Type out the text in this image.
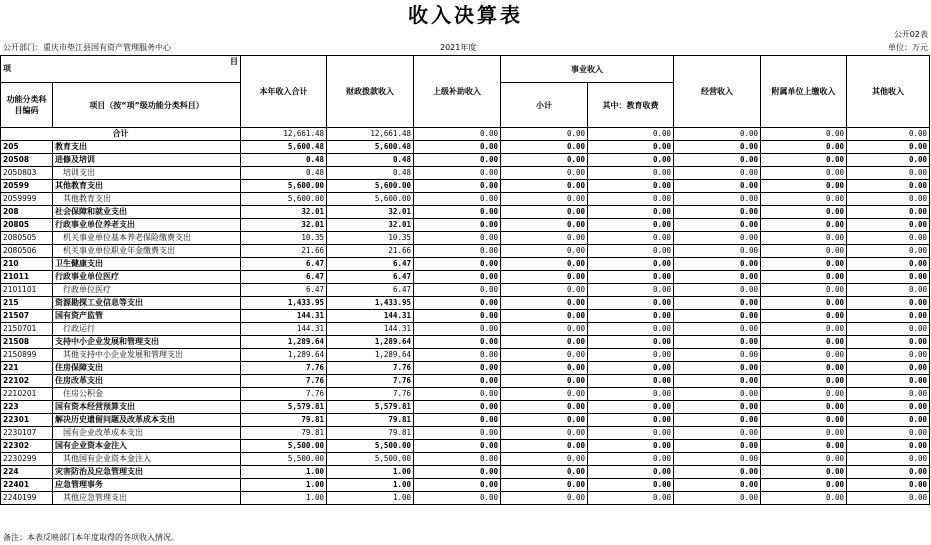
收入决算表
公开02表
公开部门：重庆市垫江县国有资产管理服务中心	2021年度	单位：万元
项
目		本年收入合计	财政拨款收入	上级补助收入	事业收入		经营收入	附属单位上缴收入	其他收入
功能分类科目编码	项目（按“项”级功能分类科目）								
					小计	其中：教育收费			
合计		12,661.48	12,661.48	0.00	0.00	0.00	0.00	0.00	0.00
205	教育支出	5,600.48	5,600.48	0.00	0.00	0.00	0.00	0.00	0.00
20508	进修及培训	0.48	0.48	0.00	0.00	0.00	0.00	0.00	0.00
2050803	培训支出	0.48	0.48	0.00	0.00	0.00	0.00	0.00	0.00
20599	其他教育支出	5,600.00	5,600.00	0.00	0.00	0.00	0.00	0.00	0.00
2059999	其他教育支出	5,600.00	5,600.00	0.00	0.00	0.00	0.00	0.00	0.00
208	社会保障和就业支出	32.01	32.01	0.00	0.00	0.00	0.00	0.00	0.00
20805	行政事业单位养老支出	32.01	32.01	0.00	0.00	0.00	0.00	0.00	0.00
2080505	机关事业单位基本养老保险缴费支出	10.35	10.35	0.00	0.00	0.00	0.00	0.00	0.00
2080506	机关事业单位职业年金缴费支出	21.66	21.66	0.00	0.00	0.00	0.00	0.00	0.00
210	卫生健康支出	6.47	6.47	0.00	0.00	0.00	0.00	0.00	0.00
21011	行政事业单位医疗	6.47	6.47	0.00	0.00	0.00	0.00	0.00	0.00
2101101	行政单位医疗	6.47	6.47	0.00	0.00	0.00	0.00	0.00	0.00
215	资源勘探工业信息等支出	1,433.95	1,433.95	0.00	0.00	0.00	0.00	0.00	0.00
21507	国有资产监管	144.31	144.31	0.00	0.00	0.00	0.00	0.00	0.00
2150701	行政运行	144.31	144.31	0.00	0.00	0.00	0.00	0.00	0.00
21508	支持中小企业发展和管理支出	1,289.64	1,289.64	0.00	0.00	0.00	0.00	0.00	0.00
2150899	其他支持中小企业发展和管理支出	1,289.64	1,289.64	0.00	0.00	0.00	0.00	0.00	0.00
221	住房保障支出	7.76	7.76	0.00	0.00	0.00	0.00	0.00	0.00
22102	住房改革支出	7.76	7.76	0.00	0.00	0.00	0.00	0.00	0.00
2210201	住房公积金	7.76	7.76	0.00	0.00	0.00	0.00	0.00	0.00
223	国有资本经营预算支出	5,579.81	5,579.81	0.00	0.00	0.00	0.00	0.00	0.00
22301	解决历史遗留问题及改革成本支出	79.81	79.81	0.00	0.00	0.00	0.00	0.00	0.00
2230107	国有企业改革成本支出	79.81	79.81	0.00	0.00	0.00	0.00	0.00	0.00
22302	国有企业资本金注入	5,500.00	5,500.00	0.00	0.00	0.00	0.00	0.00	0.00
2230299	其他国有企业资本金注入	5,500.00	5,500.00	0.00	0.00	0.00	0.00	0.00	0.00
224	灾害防治及应急管理支出	1.00	1.00	0.00	0.00	0.00	0.00	0.00	0.00
22401	应急管理事务	1.00	1.00	0.00	0.00	0.00	0.00	0.00	0.00
2240199	其他应急管理支出	1.00	1.00	0.00	0.00	0.00	0.00	0.00	0.00
备注：本表反映部门本年度取得的各项收入情况。
